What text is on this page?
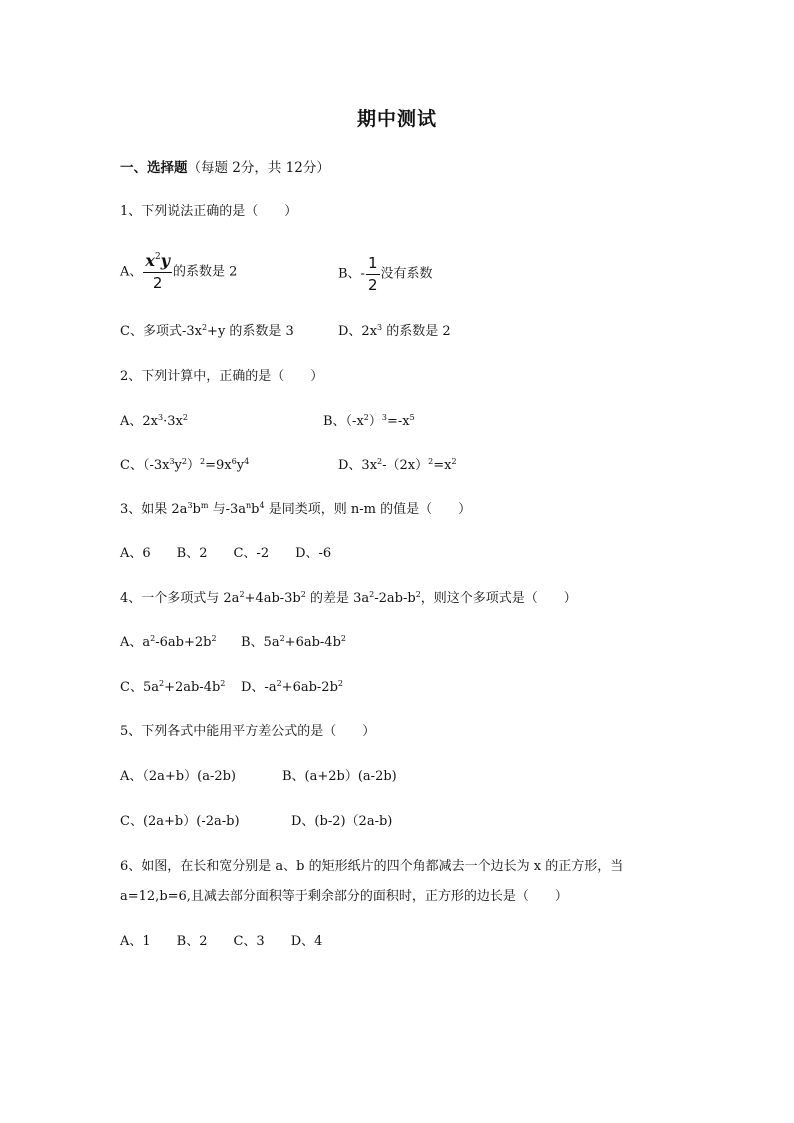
期中测试
一、选择题（每题 2分，共 12分）
1、下列说法正确的是（　　）
A、 $\frac{x^2y}{2}$ 的系数是 2	B、- $\frac{1}{2}$ 没有系数
C、多项式$-3x^2+y$ 的系数是 3	D、$2x^3$ 的系数是 2
2、下列计算中，正确的是（　　）
A、$2x^3\cdot 3x^2$	B、$(-x^2)^3=-x^5$
C、$(-3x^3y^2)^2=9x^6y^4$	D、$3x^2-(2x)^2=x^2$
3、如果 $2a^3b^m$ 与$-3a^nb^4$ 是同类项，则 n-m 的值是（　　）
A、6　　B、2　　C、-2　　D、-6
4、一个多项式与 $2a^2+4ab-3b^2$ 的差是 $3a^2-2ab-b^2$，则这个多项式是（　　）
A、$a^2-6ab+2b^2$ B、$5a^2+6ab-4b^2$
C、$5a^2+2ab-4b^2$ D、$-a^2+6ab-2b^2$
5、下列各式中能用平方差公式的是（　　）
A、（2a+b）(a-2b)	B、(a+2b）(a-2b)
C、(2a+b）(-2a-b)	D、(b-2)（2a-b)
6、如图，在长和宽分别是 a、b 的矩形纸片的四个角都减去一个边长为 x 的正方形，当
a=12,b=6,且减去部分面积等于剩余部分的面积时，正方形的边长是（　　）
A、1　　B、2　　C、3　　D、4
